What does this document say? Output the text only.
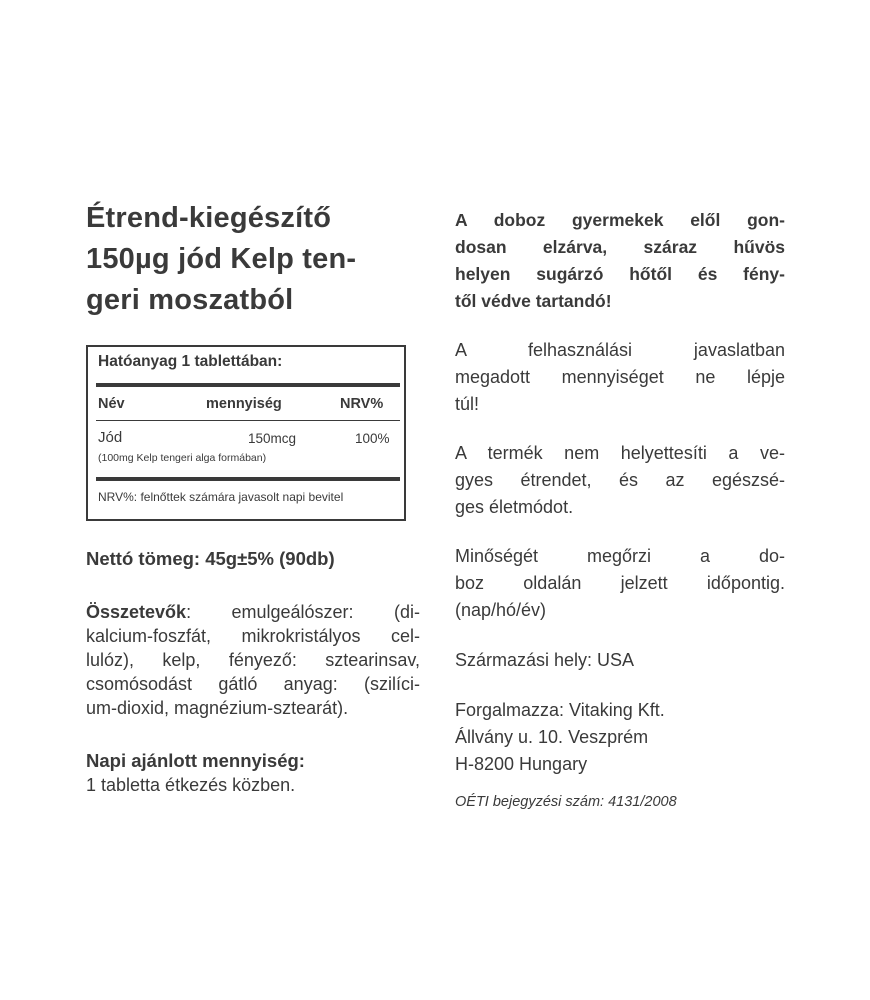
Étrend-kiegészítő
150µg jód Kelp ten-
geri moszatból
Hatóanyag 1 tablettában:
Név	mennyiség	NRV%
Jód	150mcg	100%
(100mg Kelp tengeri alga formában)
NRV%: felnőttek számára javasolt napi bevitel
Nettó tömeg: 45g±5% (90db)
Összetevők: emulgeálószer: (di-
kalcium-foszfát, mikrokristályos cel-
lulóz), kelp, fényező: sztearinsav,
csomósodást gátló anyag: (szilíci-
um-dioxid, magnézium-sztearát).
Napi ajánlott mennyiség:
1 tabletta étkezés közben.
A doboz gyermekek elől gon-
dosan elzárva, száraz hűvös
helyen sugárzó hőtől és fény-
től védve tartandó!
A felhasználási javaslatban
megadott mennyiséget ne lépje
túl!
A termék nem helyettesíti a ve-
gyes étrendet, és az egészsé-
ges életmódot.
Minőségét megőrzi a do-
boz oldalán jelzett időpontig.
(nap/hó/év)
Származási hely: USA
Forgalmazza: Vitaking Kft.
Állvány u. 10. Veszprém
H-8200 Hungary
OÉTI bejegyzési szám: 4131/2008
